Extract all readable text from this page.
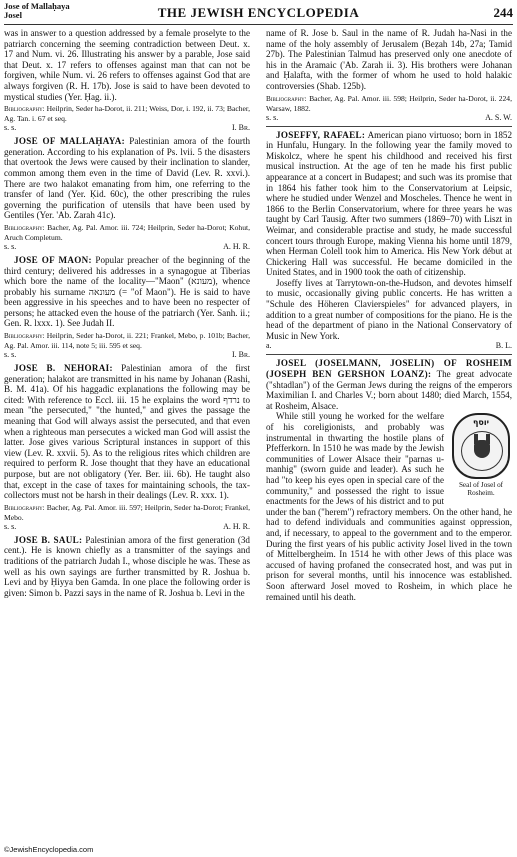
Jose of Mallaḥaya
Josel	THE JEWISH ENCYCLOPEDIA	244

was in answer to a question addressed by a female proselyte to the patriarch concerning the seeming contradiction between Deut. x. 17 and Num. vi. 26. Illustrating his answer by a parable, Jose said that Deut. x. 17 refers to offenses against man that can not be forgiven, while Num. vi. 26 refers to offenses against God that are always forgiven (R. H. 17b). Jose is said to have been devoted to mystical studies (Yer. Ḥag. ii.).

Bibliography: Heilprin, Seder ha-Dorot, ii. 211; Weiss, Dor, i. 192, ii. 73; Bacher, Ag. Tan. i. 67 et seq.
s. s.	I. Br.

JOSE OF MALLAḤAYA: Palestinian amora of the fourth generation. According to his explanation of Ps. lvii. 5 the disasters that overtook the Jews were caused by their inclination to slander, common among them even in the time of David (Lev. R. xxvi.). There are two halakot emanating from him, one referring to the transfer of land (Yer. Ḳid. 60c), the other prescribing the rules governing the purification of utensils that have been used by Gentiles (Yer. 'Ab. Zarah 41c).

Bibliography: Bacher, Ag. Pal. Amor. iii. 724; Heilprin, Seder ha-Dorot; Kohut, Aruch Completum.
s. s.	A. H. R.

JOSE OF MAON: Popular preacher of the beginning of the third century; delivered his addresses in a synagogue at Tiberias which bore the name of the locality—"Maon" (מעונא), whence probably his surname מעונאה (= "of Maon"). He is said to have been aggressive in his speeches and to have been no respecter of persons; he attacked even the house of the patriarch (Yer. Sanh. ii.; Gen. R. lxxx. 1). See Judah II.

Bibliography: Heilprin, Seder ha-Dorot, ii. 221; Frankel, Mebo, p. 101b; Bacher, Ag. Pal. Amor. iii. 114, note 5; iii. 595 et seq.
s. s.	I. Br.

JOSE B. NEHORAI: Palestinian amora of the first generation; halakot are transmitted in his name by Johanan (Rashi, B. M. 41a). Of his haggadic explanations the following may be cited: With reference to Eccl. iii. 15 he explains the word נרדף to mean "the persecuted," "the hunted," and gives the passage the meaning that God will always assist the persecuted, and that even when a righteous man persecutes a wicked man God will assist the latter. Jose gives various Scriptural instances in support of this view (Lev. R. xxvii. 5). As to the religious rites which children are required to perform R. Jose thought that they have an educational purpose, but are not obligatory (Yer. Ber. iii. 6b). He taught also that, except in the case of taxes for maintaining schools, the tax-collectors must not be harsh in their dealings (Lev. R. xxx. 1).

Bibliography: Bacher, Ag. Pal. Amor. iii. 597; Heilprin, Seder ha-Dorot; Frankel, Mebo.
s. s.	A. H. R.

JOSE B. SAUL: Palestinian amora of the first generation (3d cent.). He is known chiefly as a transmitter of the sayings and traditions of the patriarch Judah I., whose disciple he was. These as well as his own sayings are further transmitted by R. Joshua b. Levi and by Ḥiyya ben Gamda. In one place the following order is given: Simon b. Pazzi says in the name of R. Joshua b. Levi in the

name of R. Jose b. Saul in the name of R. Judah ha-Nasi in the name of the holy assembly of Jerusalem (Beẓah 14b, 27a; Tamid 27b). The Palestinian Talmud has preserved only one anecdote of his in the Aramaic ('Ab. Zarah ii. 3). His brothers were Johanan and Ḥalafta, with the former of whom he used to hold halakic controversies (Shab. 125b).

Bibliography: Bacher, Ag. Pal. Amor. iii. 598; Heilprin, Seder ha-Dorot, ii. 224, Warsaw, 1882.
s. s.	A. S. W.

JOSEFFY, RAFAEL: American piano virtuoso; born in 1852 in Hunfalu, Hungary. In the following year the family moved to Miskolcz, where he spent his childhood and received his first musical instruction. At the age of ten he made his first public appearance at a concert in Budapest; and such was its promise that in 1864 his father took him to the Conservatorium at Leipsic, where he studied under Wenzel and Moscheles. Thence he went in 1866 to the Berlin Conservatorium, where for three years he was taught by Carl Tausig. After two summers (1869–70) with Liszt in Weimar, and considerable practise and study, he made successful concert tours through Europe, making Vienna his home until 1879, when Herman Colell took him to America. His New York début at Chickering Hall was successful. He became domiciled in the United States, and in 1900 took the oath of citizenship.

Joseffy lives at Tarrytown-on-the-Hudson, and devotes himself to music, occasionally giving public concerts. He has written a "Schule des Höheren Clavierspieles" for advanced players, in addition to a great number of compositions for the piano. He is the head of the department of piano in the National Conservatory of Music in New York.

a.	B. L.

JOSEL (JOSELMANN, JOSELIN) OF ROSHEIM (JOSEPH BEN GERSHON LOANZ): The great advocate ("shtadlan") of the German Jews during the reigns of the emperors Maximilian I. and Charles V.; born about 1480; died March, 1554, at Rosheim, Alsace.

יוסף
Seal of Josel of Rosheim.

While still young he worked for the welfare of his coreligionists, and probably was instrumental in thwarting the hostile plans of Pfefferkorn. In 1510 he was made by the Jewish communities of Lower Alsace their "parnas u-manhig" (sworn guide and leader). As such he had "to keep his eyes open in special care of the community," and possessed the right to issue enactments for the Jews of his district and to put under the ban ("herem") refractory members. On the other hand, he had to defend individuals and communities against oppression, and, if necessary, to appeal to the government and to the emperor. During the first years of his public activity Josel lived in the town of Mittelbergheim. In 1514 he with other Jews of this place was accused of having profaned the consecrated host, and was put in prison for several months, until his innocence was established. Soon afterward Josel moved to Rosheim, in which place he remained until his death.

©JewishEncyclopedia.com
